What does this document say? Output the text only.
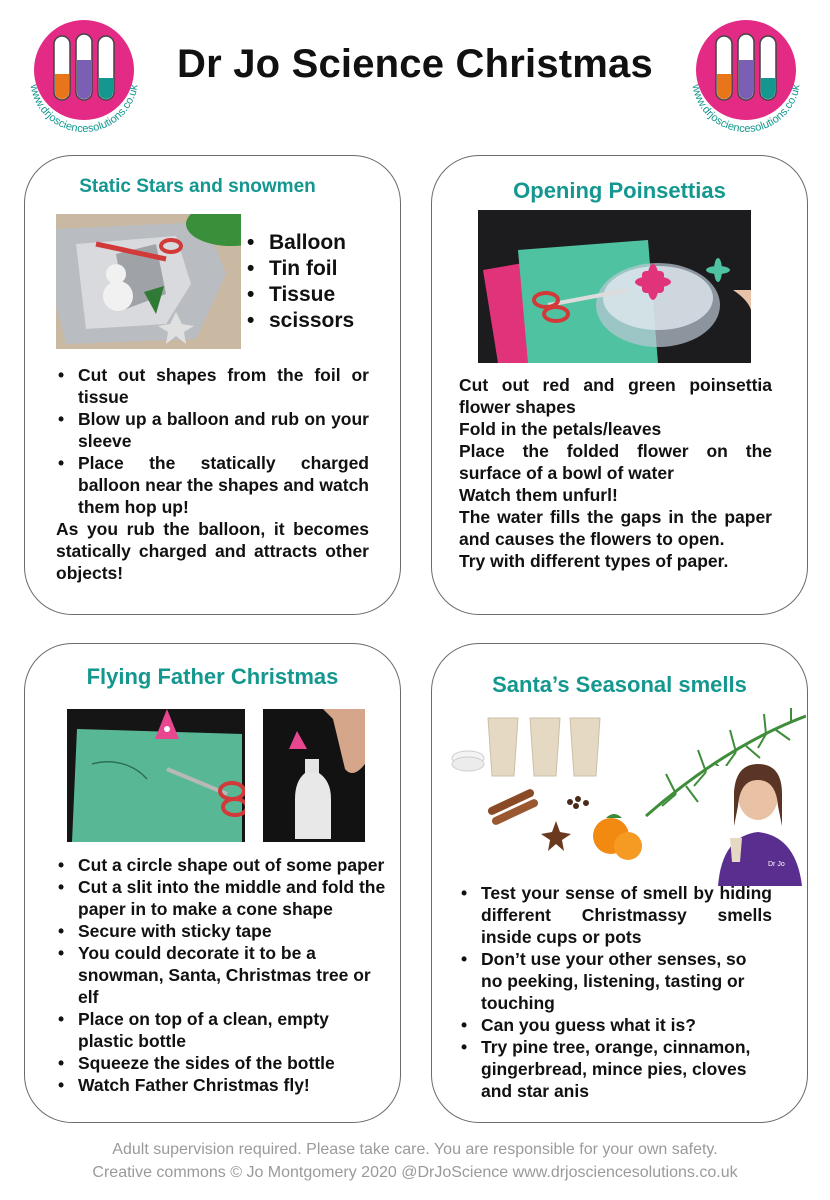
www.drjosciencesolutions.co.uk
Dr Jo Science Christmas
www.drjosciencesolutions.co.uk
Static Stars and snowmen
• Balloon
• Tin foil
• Tissue
• scissors
• Cut out shapes from the foil or tissue
• Blow up a balloon and rub on your sleeve
• Place the statically charged balloon near the shapes and watch them hop up!
As you rub the balloon, it becomes statically charged and attracts other objects!
Opening Poinsettias
Cut out red and green poinsettia flower shapes
Fold in the petals/leaves
Place the folded flower on the surface of a bowl of water
Watch them unfurl!
The water fills the gaps in the paper and causes the flowers to open.
Try with different types of paper.
Flying Father Christmas
• Cut a circle shape out of some paper
• Cut a slit into the middle and fold the paper in to make a cone shape
• Secure with sticky tape
• You could decorate it to be a snowman, Santa, Christmas tree or elf
• Place on top of a clean, empty plastic bottle
• Squeeze the sides of the bottle
• Watch Father Christmas fly!
Santa’s Seasonal smells
Dr Jo
• Test your sense of smell by hiding different Christmassy smells inside cups or pots
• Don’t use your other senses, so no peeking, listening, tasting or touching
• Can you guess what it is?
• Try pine tree, orange, cinnamon, gingerbread, mince pies, cloves and star anis
Adult supervision required. Please take care. You are responsible for your own safety.
Creative commons © Jo Montgomery 2020 @DrJoScience www.drjosciencesolutions.co.uk
